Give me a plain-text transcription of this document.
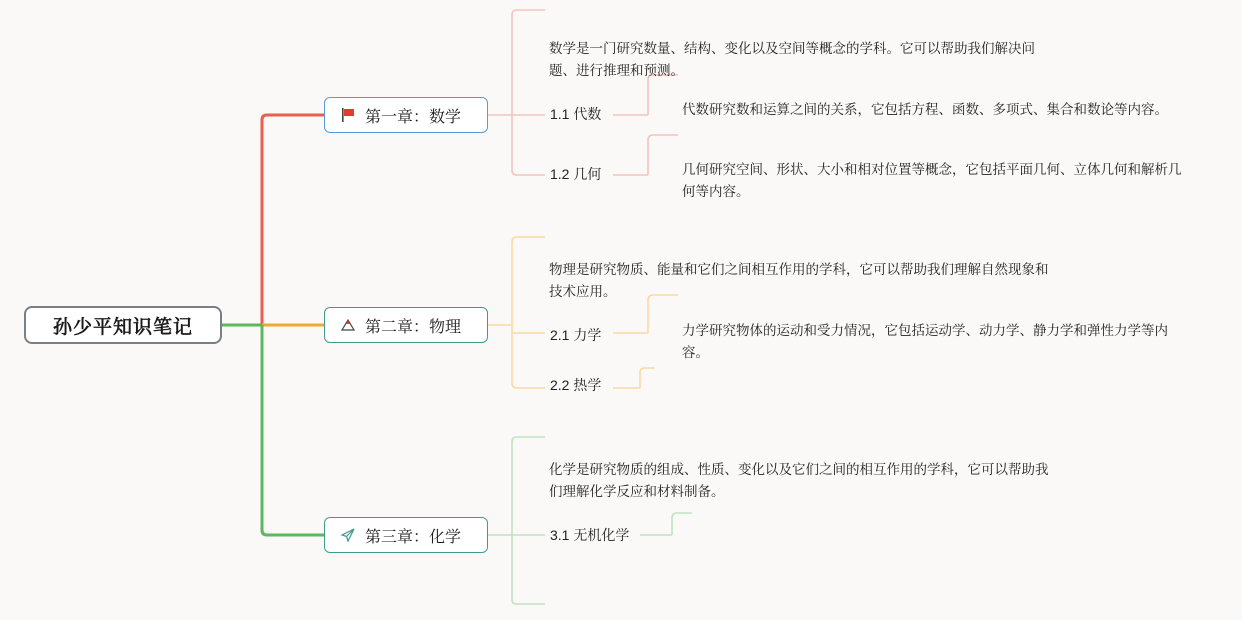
孙少平知识笔记
第一章：数学
第二章：物理
第三章：化学
数学是一门研究数量、结构、变化以及空间等概念的学科。它可以帮助我们解决问题、进行推理和预测。
1.1 代数	代数研究数和运算之间的关系，它包括方程、函数、多项式、集合和数论等内容。
1.2 几何	几何研究空间、形状、大小和相对位置等概念，它包括平面几何、立体几何和解析几何等内容。
物理是研究物质、能量和它们之间相互作用的学科，它可以帮助我们理解自然现象和技术应用。
2.1 力学	力学研究物体的运动和受力情况，它包括运动学、动力学、静力学和弹性力学等内容。
2.2 热学
化学是研究物质的组成、性质、变化以及它们之间的相互作用的学科，它可以帮助我们理解化学反应和材料制备。
3.1 无机化学
